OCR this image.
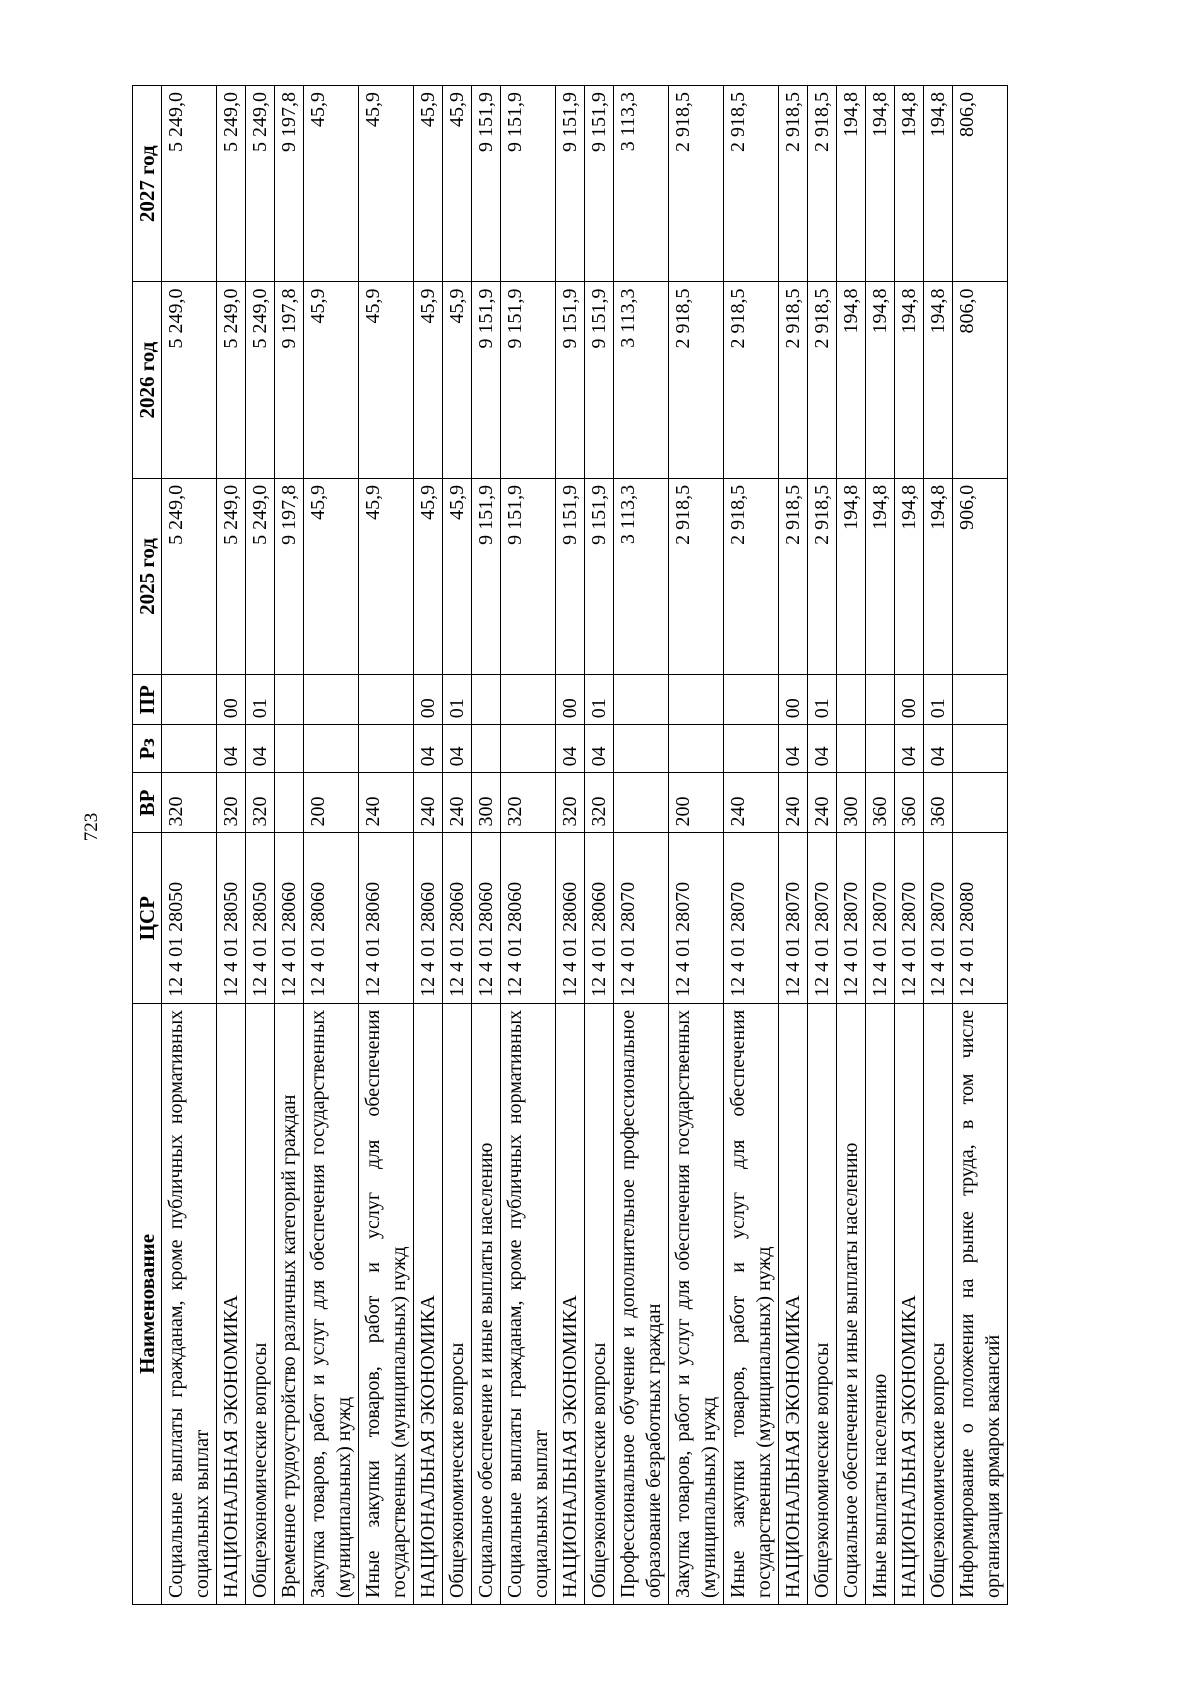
723
Наименование	ЦСР	ВР	Рз	ПР	2025 год	2026 год	2027 год
Социальные выплаты гражданам, кроме публичных нормативных социальных выплат	12 4 01 28050	320			5 249,0	5 249,0	5 249,0
НАЦИОНАЛЬНАЯ ЭКОНОМИКА	12 4 01 28050	320	04	00	5 249,0	5 249,0	5 249,0
Общеэкономические вопросы	12 4 01 28050	320	04	01	5 249,0	5 249,0	5 249,0
Временное трудоустройство различных категорий граждан	12 4 01 28060				9 197,8	9 197,8	9 197,8
Закупка товаров, работ и услуг для обеспечения государственных (муниципальных) нужд	12 4 01 28060	200			45,9	45,9	45,9
Иные закупки товаров, работ и услуг для обеспечения государственных (муниципальных) нужд	12 4 01 28060	240			45,9	45,9	45,9
НАЦИОНАЛЬНАЯ ЭКОНОМИКА	12 4 01 28060	240	04	00	45,9	45,9	45,9
Общеэкономические вопросы	12 4 01 28060	240	04	01	45,9	45,9	45,9
Социальное обеспечение и иные выплаты населению	12 4 01 28060	300			9 151,9	9 151,9	9 151,9
Социальные выплаты гражданам, кроме публичных нормативных социальных выплат	12 4 01 28060	320			9 151,9	9 151,9	9 151,9
НАЦИОНАЛЬНАЯ ЭКОНОМИКА	12 4 01 28060	320	04	00	9 151,9	9 151,9	9 151,9
Общеэкономические вопросы	12 4 01 28060	320	04	01	9 151,9	9 151,9	9 151,9
Профессиональное обучение и дополнительное профессиональное образование безработных граждан	12 4 01 28070				3 113,3	3 113,3	3 113,3
Закупка товаров, работ и услуг для обеспечения государственных (муниципальных) нужд	12 4 01 28070	200			2 918,5	2 918,5	2 918,5
Иные закупки товаров, работ и услуг для обеспечения государственных (муниципальных) нужд	12 4 01 28070	240			2 918,5	2 918,5	2 918,5
НАЦИОНАЛЬНАЯ ЭКОНОМИКА	12 4 01 28070	240	04	00	2 918,5	2 918,5	2 918,5
Общеэкономические вопросы	12 4 01 28070	240	04	01	2 918,5	2 918,5	2 918,5
Социальное обеспечение и иные выплаты населению	12 4 01 28070	300			194,8	194,8	194,8
Иные выплаты населению	12 4 01 28070	360			194,8	194,8	194,8
НАЦИОНАЛЬНАЯ ЭКОНОМИКА	12 4 01 28070	360	04	00	194,8	194,8	194,8
Общеэкономические вопросы	12 4 01 28070	360	04	01	194,8	194,8	194,8
Информирование о положении на рынке труда, в том числе организация ярмарок вакансий	12 4 01 28080				906,0	806,0	806,0
